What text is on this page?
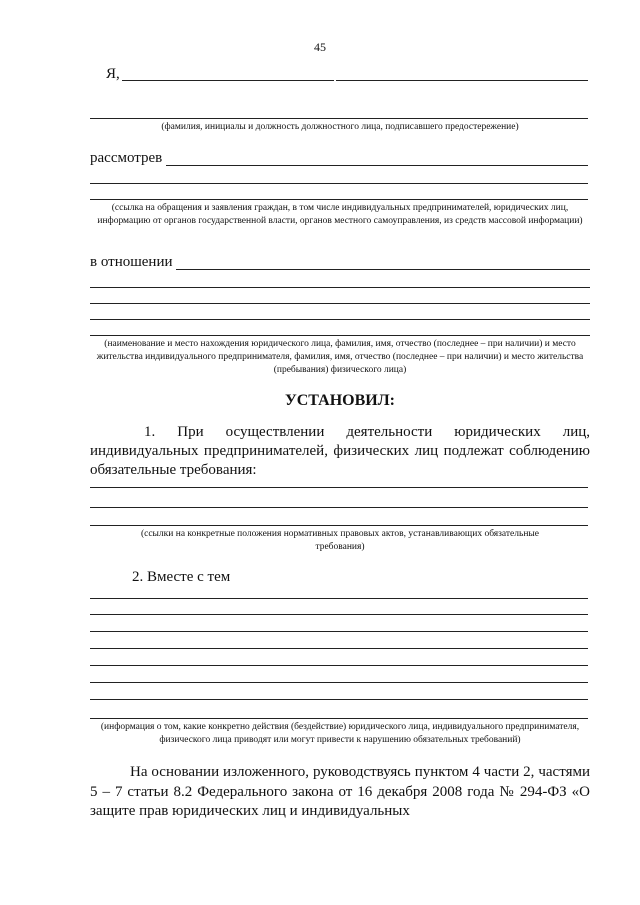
45
Я,
(фамилия, инициалы и должность должностного лица, подписавшего предостережение)
рассмотрев
(ссылка на обращения и заявления граждан, в том числе индивидуальных предпринимателей, юридических лиц, информацию от органов государственной власти, органов местного самоуправления, из средств массовой информации)
в отношении
(наименование и место нахождения юридического лица, фамилия, имя, отчество (последнее – при наличии) и место жительства индивидуального предпринимателя, фамилия, имя, отчество (последнее – при наличии) и место жительства (пребывания) физического лица)
УСТАНОВИЛ:
1. При осуществлении деятельности юридических лиц, индивидуальных предпринимателей, физических лиц подлежат соблюдению обязательные требования:
(ссылки на конкретные положения нормативных правовых актов, устанавливающих обязательные требования)
2. Вместе с тем
(информация о том, какие конкретно действия (бездействие) юридического лица, индивидуального предпринимателя, физического лица приводят или могут привести к нарушению обязательных требований)
На основании изложенного, руководствуясь пунктом 4 части 2, частями 5 – 7 статьи 8.2 Федерального закона от 16 декабря 2008 года № 294-ФЗ «О защите прав юридических лиц и индивидуальных
